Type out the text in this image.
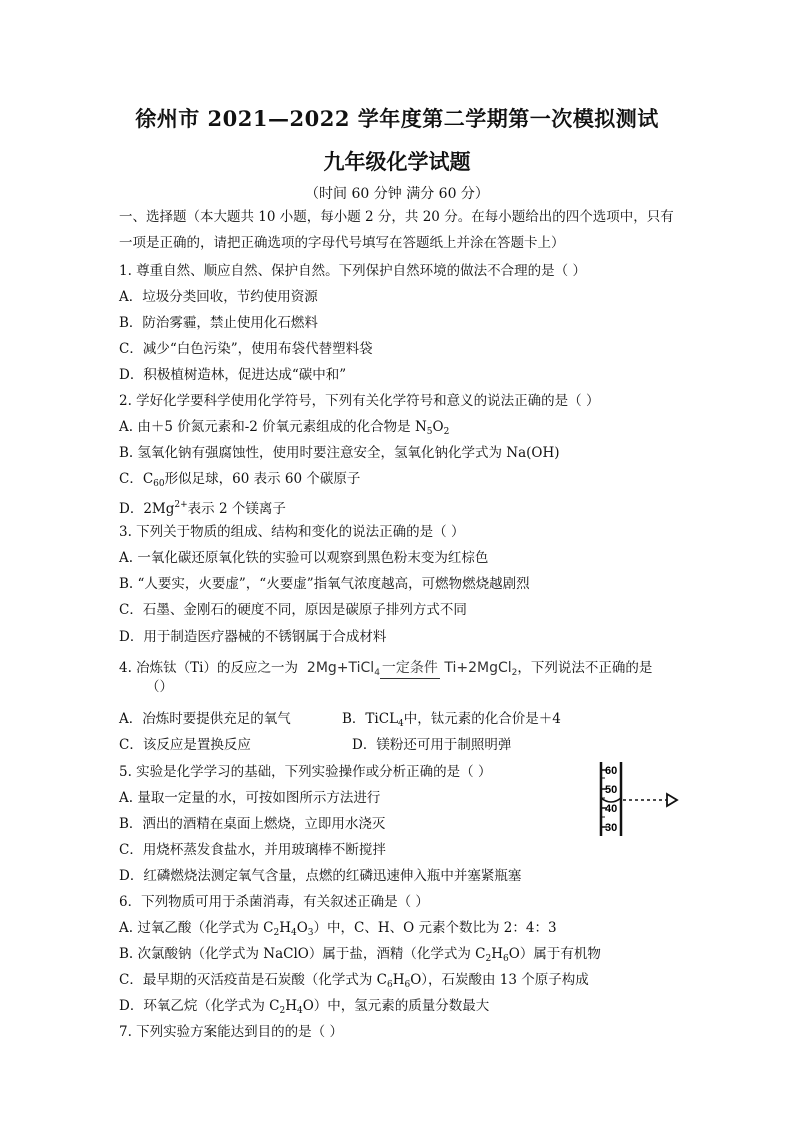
徐州市 2021—2022 学年度第二学期第一次模拟测试
九年级化学试题
（时间 60 分钟 满分 60 分）
一、选择题（本大题共 10 小题，每小题 2 分，共 20 分。在每小题给出的四个选项中，只有
一项是正确的，请把正确选项的字母代号填写在答题纸上并涂在答题卡上）
1. 尊重自然、顺应自然、保护自然。下列保护自然环境的做法不合理的是（ ）
A．垃圾分类回收，节约使用资源
B．防治雾霾，禁止使用化石燃料
C．减少“白色污染”，使用布袋代替塑料袋
D．积极植树造林，促进达成“碳中和”
2. 学好化学要科学使用化学符号，下列有关化学符号和意义的说法正确的是（ ）
A. 由＋5 价氮元素和-2 价氧元素组成的化合物是 $N_5O_2$
B. 氢氧化钠有强腐蚀性，使用时要注意安全，氢氧化钠化学式为 Na(OH)
C．$C_{60}$形似足球，60 表示 60 个碳原子
D．$2Mg^{2+}$表示 2 个镁离子
3. 下列关于物质的组成、结构和变化的说法正确的是（ ）
A. 一氧化碳还原氧化铁的实验可以观察到黑色粉末变为红棕色
B. “人要实，火要虚”，“火要虚”指氧气浓度越高，可燃物燃烧越剧烈
C．石墨、金刚石的硬度不同，原因是碳原子排列方式不同
D．用于制造医疗器械的不锈钢属于合成材料
4. 冶炼钛（Ti）的反应之一为 2Mg+TiCl$_4$ 一定条件 Ti+2MgCl$_2$，下列说法不正确的是
（）
A．冶炼时要提供充足的氧气	B．TiCL$_4$中，钛元素的化合价是＋4
C．该反应是置换反应	D．镁粉还可用于制照明弹
5. 实验是化学学习的基础，下列实验操作或分析正确的是（ ）
A. 量取一定量的水，可按如图所示方法进行
B．洒出的酒精在桌面上燃烧，立即用水浇灭
C．用烧杯蒸发食盐水，并用玻璃棒不断搅拌
D．红磷燃烧法测定氧气含量，点燃的红磷迅速伸入瓶中并塞紧瓶塞
60
50
40
30
6．下列物质可用于杀菌消毒，有关叙述正确是（ ）
A. 过氧乙酸（化学式为 $C_2H_4O_3$）中，C、H、O 元素个数比为 2：4：3
B. 次氯酸钠（化学式为 NaClO）属于盐，酒精（化学式为 $C_2H_6O$）属于有机物
C．最早期的灭活疫苗是石炭酸（化学式为 $C_6H_6O$），石炭酸由 13 个原子构成
D．环氧乙烷（化学式为 $C_2H_4O$）中，氢元素的质量分数最大
7. 下列实验方案能达到目的的是（ ）
